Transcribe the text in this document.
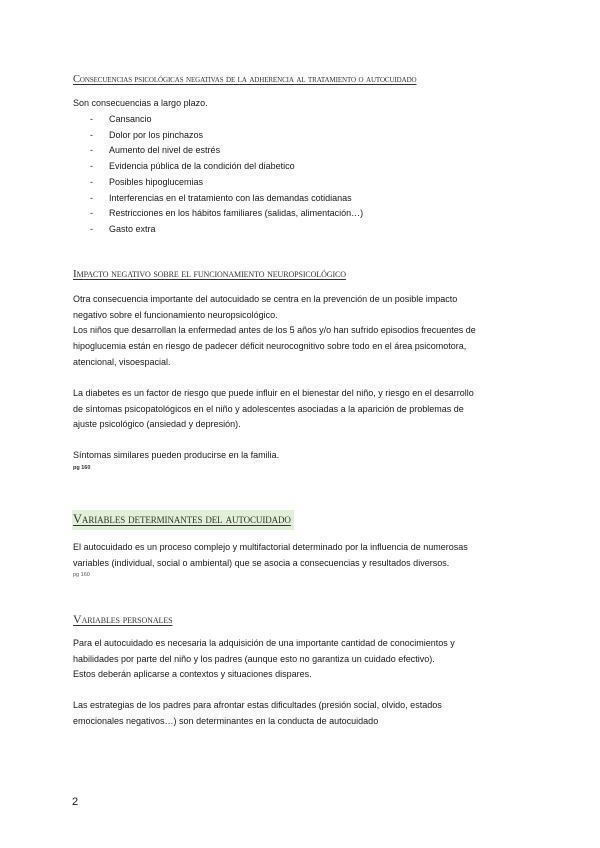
Consecuencias psicológicas negativas de la adherencia al tratamiento o autocuidado
Son consecuencias a largo plazo.
- Cansancio
- Dolor por los pinchazos
- Aumento del nivel de estrés
- Evidencia pública de la condición del diabetico
- Posibles hipoglucemias
- Interferencias en el tratamiento con las demandas cotidianas
- Restricciones en los hábitos familiares (salidas, alimentación…)
- Gasto extra
Impacto negativo sobre el funcionamiento neuropsicológico
Otra consecuencia importante del autocuidado se centra en la prevención de un posible impacto
negativo sobre el funcionamiento neuropsicológico.
Los niños que desarrollan la enfermedad antes de los 5 años y/o han sufrido episodios frecuentes de
hipoglucemia están en riesgo de padecer déficit neurocognitivo sobre todo en el área psicomotora,
atencional, visoespacial.
La diabetes es un factor de riesgo que puede influir en el bienestar del niño, y riesgo en el desarrollo
de síntomas psicopatológicos en el niño y adolescentes asociadas a la aparición de problemas de
ajuste psicológico (ansiedad y depresión).
Síntomas similares pueden producirse en la familia.
pg 160
Variables determinantes del autocuidado
El autocuidado es un proceso complejo y multifactorial determinado por la influencia de numerosas
variables (individual, social o ambiental) que se asocia a consecuencias y resultados diversos.
pg 160
Variables personales
Para el autocuidado es necesaria la adquisición de una importante cantidad de conocimientos y
habilidades por parte del niño y los padres (aunque esto no garantiza un cuidado efectivo).
Estos deberán aplicarse a contextos y situaciones dispares.
Las estrategias de los padres para afrontar estas dificultades (presión social, olvido, estados
emocionales negativos…) son determinantes en la conducta de autocuidado
2
